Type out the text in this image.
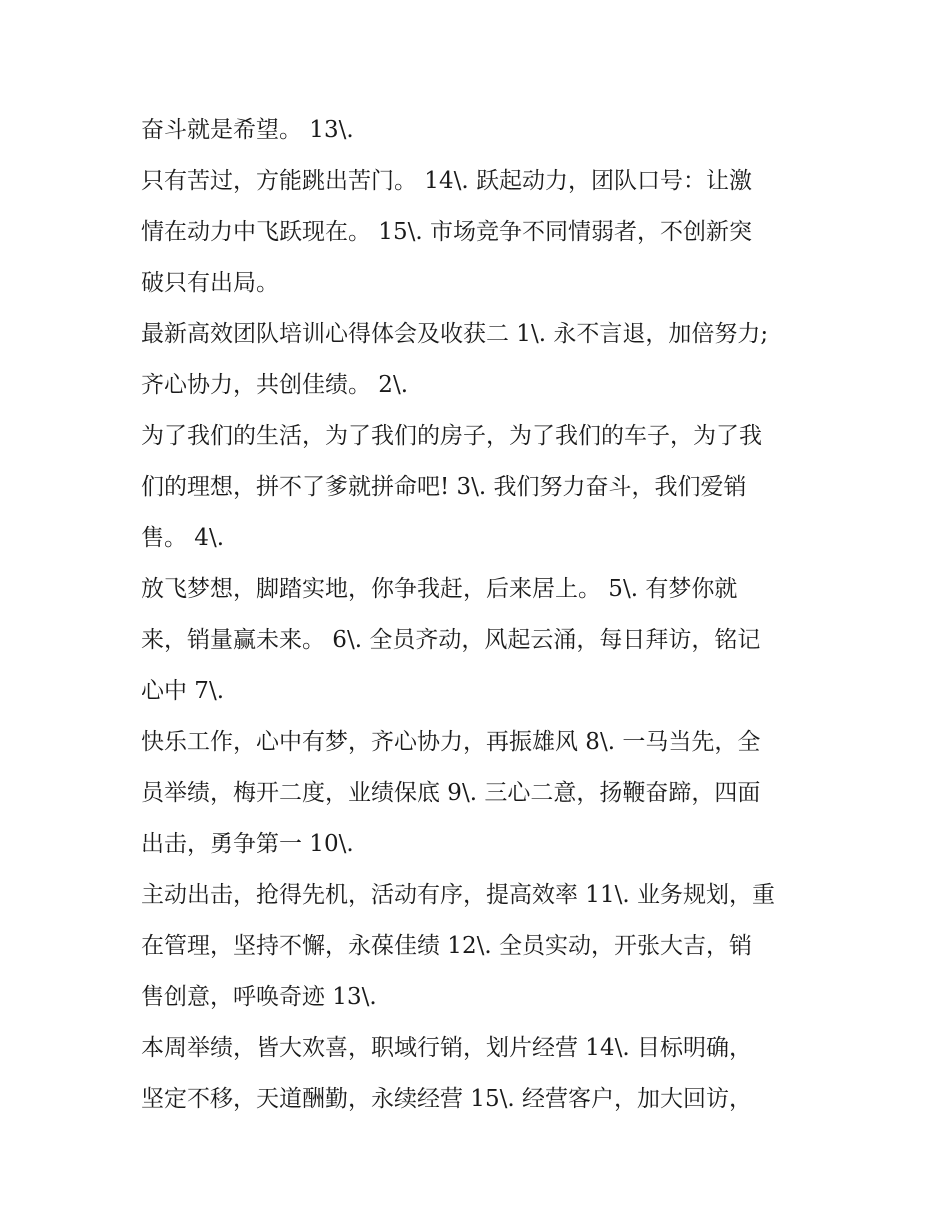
奋斗就是希望。 13\.
只有苦过，方能跳出苦门。 14\. 跃起动力，团队口号：让激
情在动力中飞跃现在。 15\. 市场竞争不同情弱者，不创新突
破只有出局。
最新高效团队培训心得体会及收获二 1\. 永不言退，加倍努力;
齐心协力，共创佳绩。 2\.
为了我们的生活，为了我们的房子，为了我们的车子，为了我
们的理想，拼不了爹就拼命吧! 3\. 我们努力奋斗，我们爱销
售。 4\.
放飞梦想，脚踏实地，你争我赶，后来居上。 5\. 有梦你就
来，销量赢未来。 6\. 全员齐动，风起云涌，每日拜访，铭记
心中 7\.
快乐工作，心中有梦，齐心协力，再振雄风 8\. 一马当先，全
员举绩，梅开二度，业绩保底 9\. 三心二意，扬鞭奋蹄，四面
出击，勇争第一 10\.
主动出击，抢得先机，活动有序，提高效率 11\. 业务规划，重
在管理，坚持不懈，永葆佳绩 12\. 全员实动，开张大吉，销
售创意，呼唤奇迹 13\.
本周举绩，皆大欢喜，职域行销，划片经营 14\. 目标明确，
坚定不移，天道酬勤，永续经营 15\. 经营客户，加大回访，
